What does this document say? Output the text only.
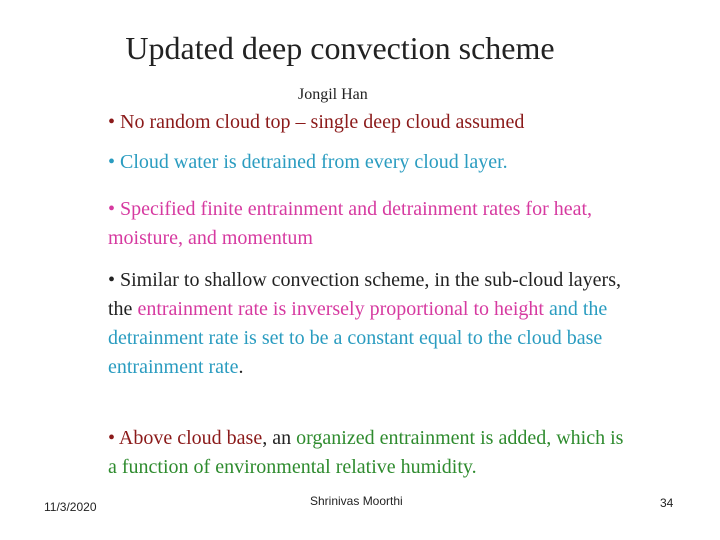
Updated deep convection scheme
Jongil Han

• No random cloud top – single deep cloud assumed

• Cloud water is detrained from every cloud layer.

• Specified finite entrainment and detrainment rates for heat, moisture, and momentum

• Similar to shallow convection scheme, in the sub-cloud layers, the entrainment rate is inversely proportional to height and the detrainment rate is set to be a constant equal to the cloud base entrainment rate.

• Above cloud base, an organized entrainment is added, which is a function of environmental relative humidity.

11/3/2020	Shrinivas Moorthi	34
